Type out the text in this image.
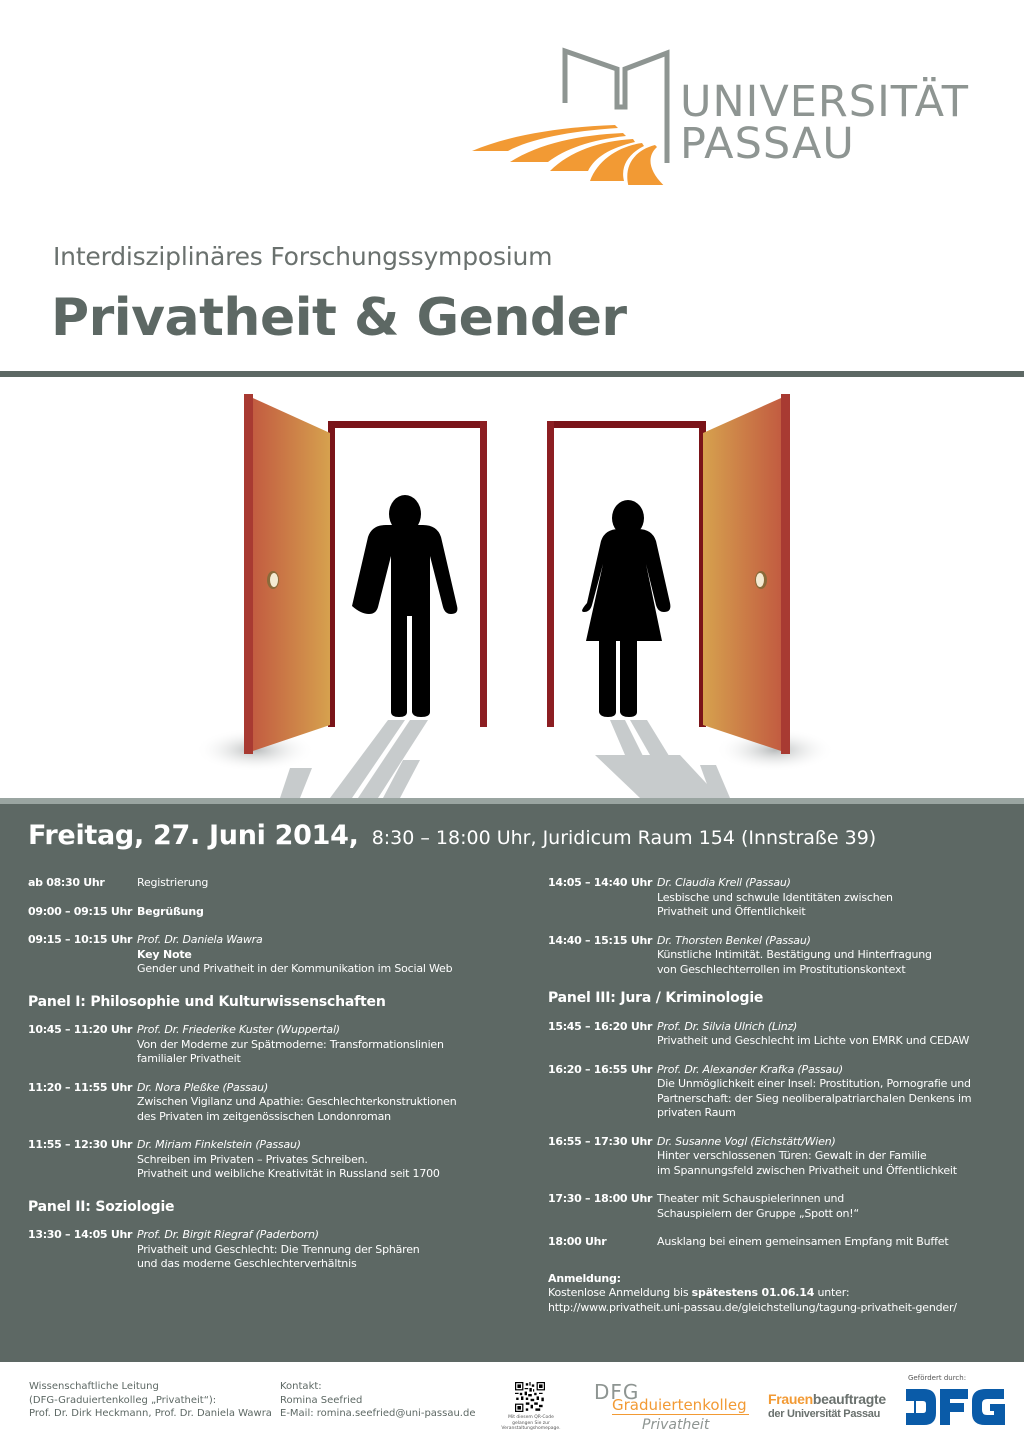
UNIVERSITÄT
PASSAU
Interdisziplinäres Forschungssymposium
Privatheit & Gender
Freitag, 27. Juni 2014, 8:30 – 18:00 Uhr, Juridicum Raum 154 (Innstraße 39)
ab 08:30 Uhr	Registrierung
09:00 – 09:15 Uhr Begrüßung
09:15 – 10:15 Uhr Prof. Dr. Daniela Wawra
Key Note
Gender und Privatheit in der Kommunikation im Social Web
Panel I: Philosophie und Kulturwissenschaften
10:45 – 11:20 Uhr Prof. Dr. Friederike Kuster (Wuppertal)
Von der Moderne zur Spätmoderne: Transformationslinien
familialer Privatheit
11:20 – 11:55 Uhr Dr. Nora Pleßke (Passau)
Zwischen Vigilanz und Apathie: Geschlechterkonstruktionen
des Privaten im zeitgenössischen Londonroman
11:55 – 12:30 Uhr Dr. Miriam Finkelstein (Passau)
Schreiben im Privaten – Privates Schreiben.
Privatheit und weibliche Kreativität in Russland seit 1700
Panel II: Soziologie
13:30 – 14:05 Uhr Prof. Dr. Birgit Riegraf (Paderborn)
Privatheit und Geschlecht: Die Trennung der Sphären
und das moderne Geschlechterverhältnis
14:05 – 14:40 Uhr Dr. Claudia Krell (Passau)
Lesbische und schwule Identitäten zwischen
Privatheit und Öffentlichkeit
14:40 – 15:15 Uhr Dr. Thorsten Benkel (Passau)
Künstliche Intimität. Bestätigung und Hinterfragung
von Geschlechterrollen im Prostitutionskontext
Panel III: Jura / Kriminologie
15:45 – 16:20 Uhr Prof. Dr. Silvia Ulrich (Linz)
Privatheit und Geschlecht im Lichte von EMRK und CEDAW
16:20 – 16:55 Uhr Prof. Dr. Alexander Krafka (Passau)
Die Unmöglichkeit einer Insel: Prostitution, Pornografie und
Partnerschaft: der Sieg neoliberalpatriarchalen Denkens im
privaten Raum
16:55 – 17:30 Uhr Dr. Susanne Vogl (Eichstätt/Wien)
Hinter verschlossenen Türen: Gewalt in der Familie
im Spannungsfeld zwischen Privatheit und Öffentlichkeit
17:30 – 18:00 Uhr Theater mit Schauspielerinnen und
Schauspielern der Gruppe „Spott on!“
18:00 Uhr	Ausklang bei einem gemeinsamen Empfang mit Buffet
Anmeldung:
Kostenlose Anmeldung bis spätestens 01.06.14 unter:
http://www.privatheit.uni-passau.de/gleichstellung/tagung-privatheit-gender/
Wissenschaftliche Leitung
(DFG-Graduiertenkolleg „Privatheit“):
Prof. Dr. Dirk Heckmann, Prof. Dr. Daniela Wawra
Kontakt:
Romina Seefried
E-Mail: romina.seefried@uni-passau.de	Mit diesem QR-Code gelangen Sie zur Veranstaltungshomepage.
DFG
Graduiertenkolleg
Privatheit
Frauenbeauftragte
der Universität Passau
Gefördert durch:
